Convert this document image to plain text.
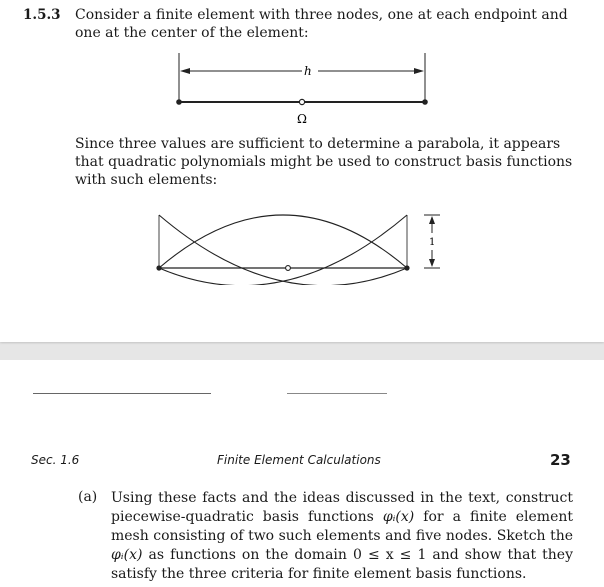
1.5.3 Consider a finite element with three nodes, one at each endpoint and one at the center of the element:
h
Ω
Since three values are sufficient to determine a parabola, it appears that quadratic polynomials might be used to construct basis functions with such elements:
1
Sec. 1.6	Finite Element Calculations	23
(a) Using these facts and the ideas discussed in the text, construct piecewise-quadratic basis functions φᵢ(x) for a finite element mesh consisting of two such elements and five nodes. Sketch the φᵢ(x) as functions on the domain 0 ≤ x ≤ 1 and show that they satisfy the three criteria for finite element basis functions.
